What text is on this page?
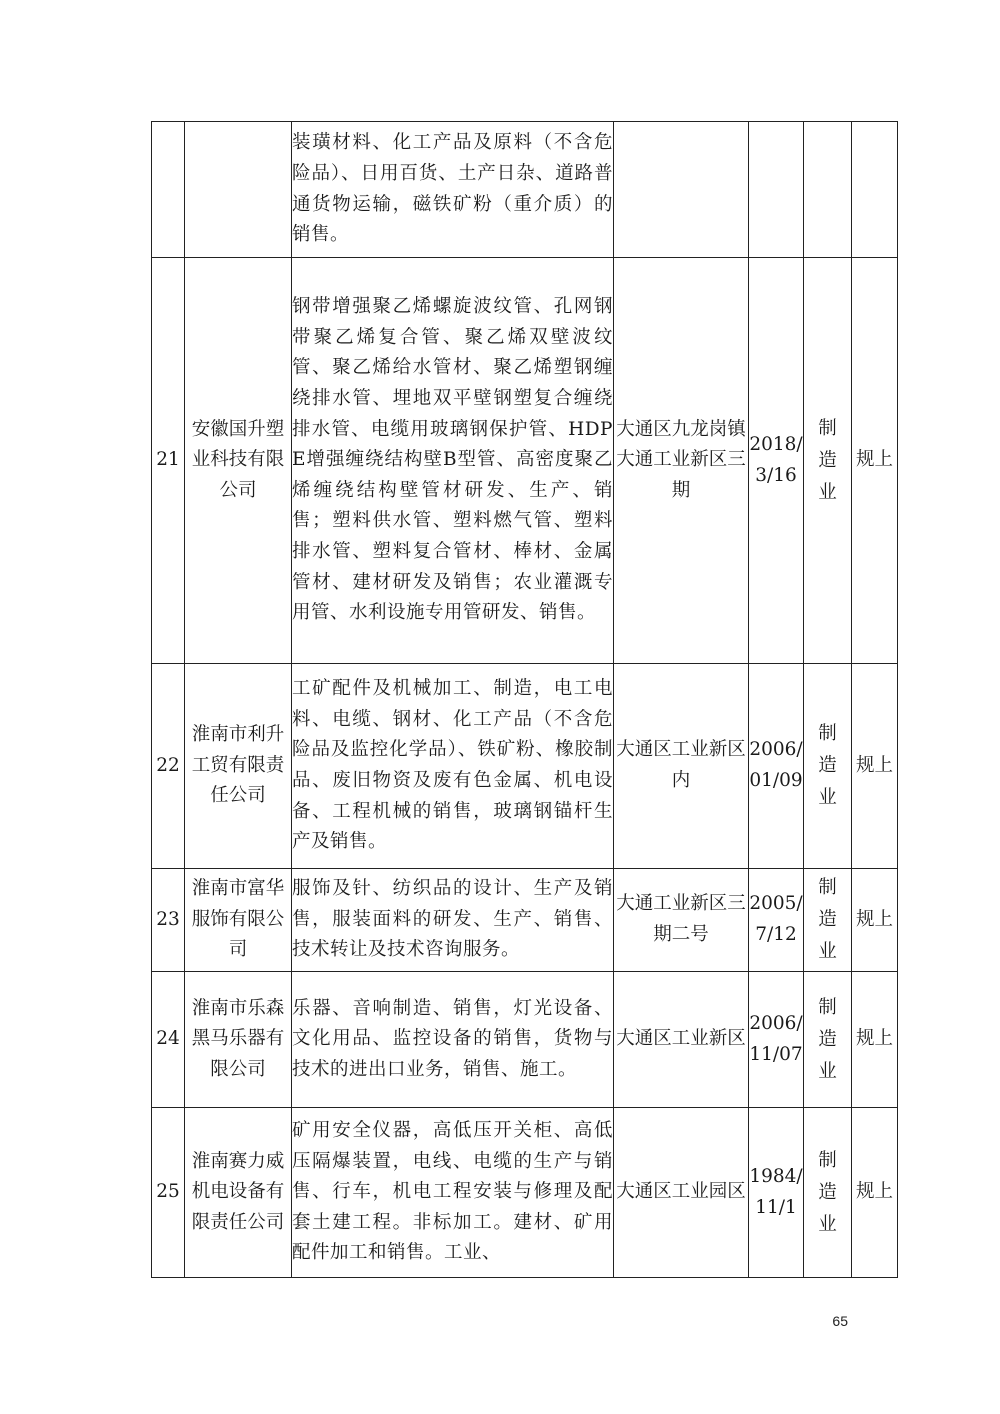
		装璜材料、化工产品及原料（不含危险品）、日用百货、土产日杂、道路普通货物运输，磁铁矿粉（重介质）的销售。				
21	安徽国升塑业科技有限公司	钢带增强聚乙烯螺旋波纹管、孔网钢带聚乙烯复合管、聚乙烯双壁波纹管、聚乙烯给水管材、聚乙烯塑钢缠绕排水管、埋地双平壁钢塑复合缠绕排水管、电缆用玻璃钢保护管、HDPE增强缠绕结构壁B型管、高密度聚乙烯缠绕结构壁管材研发、生产、销售；塑料供水管、塑料燃气管、塑料排水管、塑料复合管材、棒材、金属管材、建材研发及销售；农业灌溉专用管、水利设施专用管研发、销售。	大通区九龙岗镇大通工业新区三期	2018/3/16	制造业	规上
22	淮南市利升工贸有限责任公司	工矿配件及机械加工、制造，电工电料、电缆、钢材、化工产品（不含危险品及监控化学品）、铁矿粉、橡胶制品、废旧物资及废有色金属、机电设备、工程机械的销售，玻璃钢锚杆生产及销售。	大通区工业新区内	2006/01/09	制造业	规上
23	淮南市富华服饰有限公司	服饰及针、纺织品的设计、生产及销售，服装面料的研发、生产、销售、技术转让及技术咨询服务。	大通工业新区三期二号	2005/7/12	制造业	规上
24	淮南市乐森黑马乐器有限公司	乐器、音响制造、销售，灯光设备、文化用品、监控设备的销售，货物与技术的进出口业务，销售、施工。	大通区工业新区	2006/11/07	制造业	规上
25	淮南赛力威机电设备有限责任公司	矿用安全仪器，高低压开关柜、高低压隔爆装置，电线、电缆的生产与销售、行车，机电工程安装与修理及配套土建工程。非标加工。建材、矿用配件加工和销售。工业、	大通区工业园区	1984/11/1	制造业	规上
65
